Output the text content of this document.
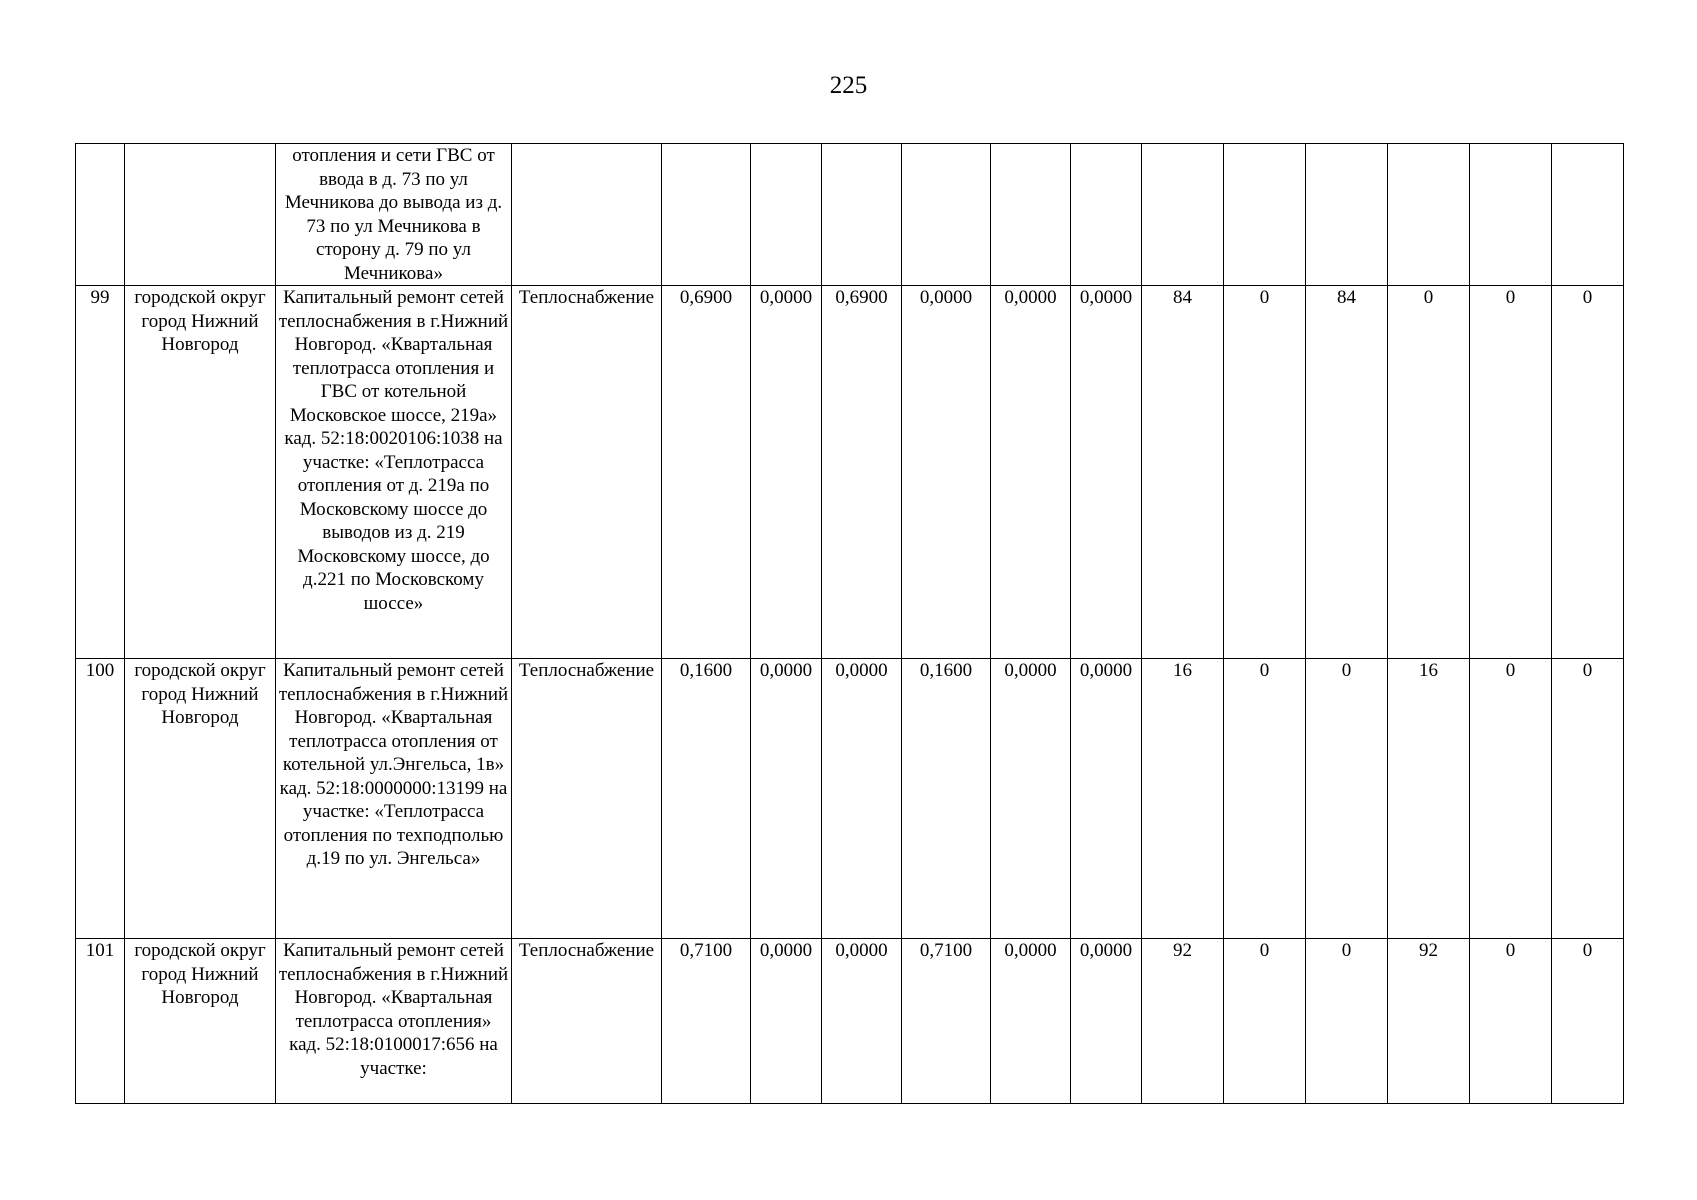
225
		отопления и сети ГВС от ввода в д. 73 по ул Мечникова до вывода из д. 73 по ул Мечникова в сторону д. 79 по ул Мечникова»													
99	городской округ город Нижний Новгород	Капитальный ремонт сетей теплоснабжения в г.Нижний Новгород. «Квартальная теплотрасса отопления и ГВС от котельной Московское шоссе, 219а» кад. 52:18:0020106:1038 на участке: «Теплотрасса отопления от д. 219а по Московскому шоссе до выводов из д. 219 Московскому шоссе, до д.221 по Московскому шоссе»	Теплоснабжение	0,6900	0,0000	0,6900	0,0000	0,0000	0,0000	84	0	84	0	0	0
100	городской округ город Нижний Новгород	Капитальный ремонт сетей теплоснабжения в г.Нижний Новгород. «Квартальная теплотрасса отопления от котельной ул.Энгельса, 1в» кад. 52:18:0000000:13199 на участке: «Теплотрасса отопления по техподполью д.19 по ул. Энгельса»	Теплоснабжение	0,1600	0,0000	0,0000	0,1600	0,0000	0,0000	16	0	0	16	0	0
101	городской округ город Нижний Новгород	Капитальный ремонт сетей теплоснабжения в г.Нижний Новгород. «Квартальная теплотрасса отопления» кад. 52:18:0100017:656 на участке:	Теплоснабжение	0,7100	0,0000	0,0000	0,7100	0,0000	0,0000	92	0	0	92	0	0
